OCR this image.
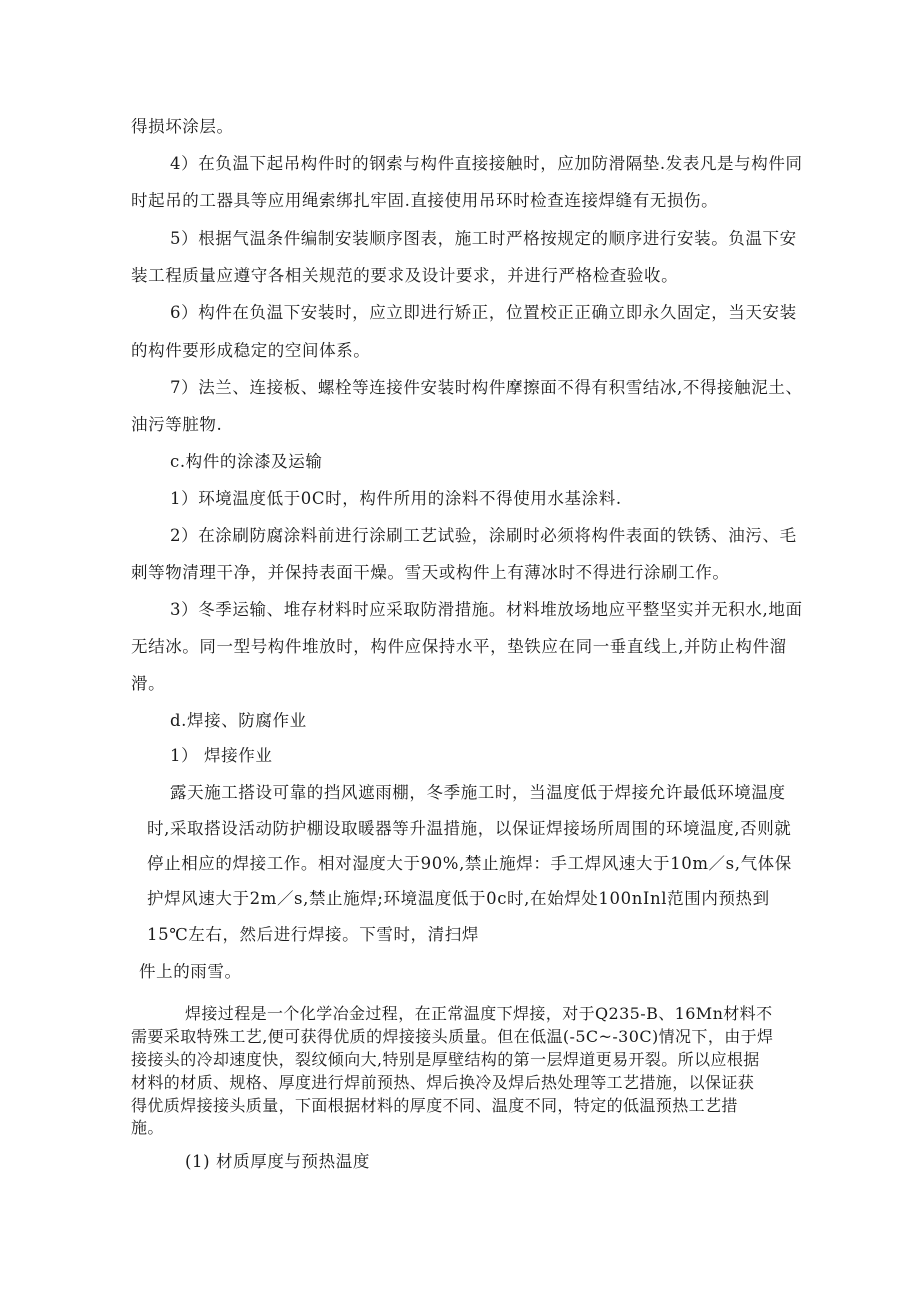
得损坏涂层。

4）在负温下起吊构件时的钢索与构件直接接触时，应加防滑隔垫.发表凡是与构件同

时起吊的工器具等应用绳索绑扎牢固.直接使用吊环时检查连接焊缝有无损伤。

5）根据气温条件编制安装顺序图表，施工时严格按规定的顺序进行安装。负温下安

装工程质量应遵守各相关规范的要求及设计要求，并进行严格检查验收。

6）构件在负温下安装时，应立即进行矫正，位置校正正确立即永久固定，当天安装

的构件要形成稳定的空间体系。

7）法兰、连接板、螺栓等连接件安装时构件摩擦面不得有积雪结冰,不得接触泥土、

油污等脏物.

c.构件的涂漆及运输

1）环境温度低于0C时，构件所用的涂料不得使用水基涂料.

2）在涂刷防腐涂料前进行涂刷工艺试验，涂刷时必须将构件表面的铁锈、油污、毛

刺等物清理干净，并保持表面干燥。雪天或构件上有薄冰时不得进行涂刷工作。

3）冬季运输、堆存材料时应采取防滑措施。材料堆放场地应平整坚实并无积水,地面

无结冰。同一型号构件堆放时，构件应保持水平，垫铁应在同一垂直线上,并防止构件溜

滑。

d.焊接、防腐作业

1） 焊接作业

露天施工搭设可靠的挡风遮雨棚，冬季施工时，当温度低于焊接允许最低环境温度

时,采取搭设活动防护棚设取暖器等升温措施，以保证焊接场所周围的环境温度,否则就

停止相应的焊接工作。相对湿度大于90%,禁止施焊：手工焊风速大于10m／s,气体保

护焊风速大于2m／s,禁止施焊;环境温度低于0c时,在始焊处100nInl范围内预热到

15℃左右，然后进行焊接。下雪时，清扫焊

件上的雨雪。

焊接过程是一个化学冶金过程，在正常温度下焊接，对于Q235-B、16Mn材料不

需要采取特殊工艺,便可获得优质的焊接接头质量。但在低温(-5C~-30C)情况下，由于焊

接接头的冷却速度快，裂纹倾向大,特别是厚壁结构的第一层焊道更易开裂。所以应根据

材料的材质、规格、厚度进行焊前预热、焊后换冷及焊后热处理等工艺措施，以保证获

得优质焊接接头质量，下面根据材料的厚度不同、温度不同，特定的低温预热工艺措

施。

(1) 材质厚度与预热温度
